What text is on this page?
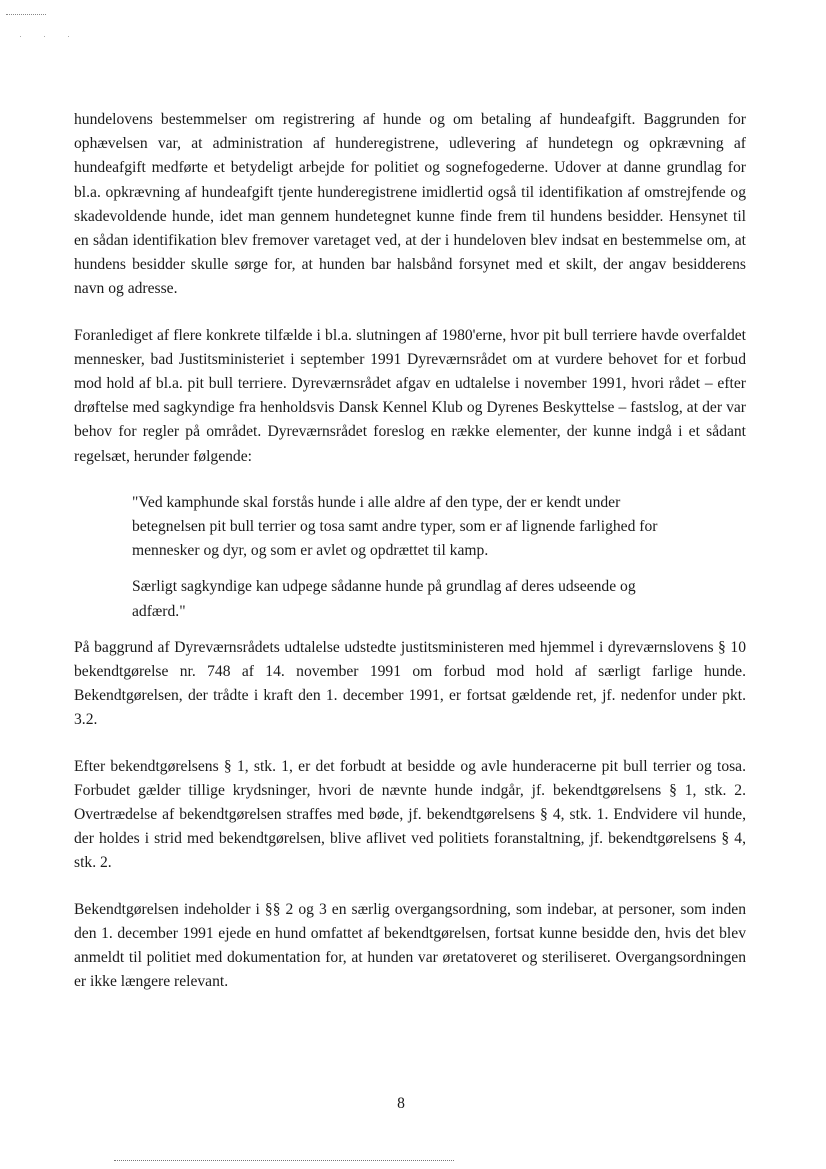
hundelovens bestemmelser om registrering af hunde og om betaling af hundeafgift. Baggrunden for ophævelsen var, at administration af hunderegistrene, udlevering af hundetegn og opkrævning af hundeafgift medførte et betydeligt arbejde for politiet og sognefogederne. Udover at danne grundlag for bl.a. opkrævning af hundeafgift tjente hunderegistrene imidlertid også til identifikation af omstrejfende og skadevoldende hunde, idet man gennem hundetegnet kunne finde frem til hundens besidder. Hensynet til en sådan identifikation blev fremover varetaget ved, at der i hundeloven blev indsat en bestemmelse om, at hundens besidder skulle sørge for, at hunden bar halsbånd forsynet med et skilt, der angav besidderens navn og adresse.

Foranlediget af flere konkrete tilfælde i bl.a. slutningen af 1980'erne, hvor pit bull terriere havde overfaldet mennesker, bad Justitsministeriet i september 1991 Dyreværnsrådet om at vurdere behovet for et forbud mod hold af bl.a. pit bull terriere. Dyreværnsrådet afgav en udtalelse i november 1991, hvori rådet – efter drøftelse med sagkyndige fra henholdsvis Dansk Kennel Klub og Dyrenes Beskyttelse – fastslog, at der var behov for regler på området. Dyreværnsrådet foreslog en række elementer, der kunne indgå i et sådant regelsæt, herunder følgende:

"Ved kamphunde skal forstås hunde i alle aldre af den type, der er kendt under betegnelsen pit bull terrier og tosa samt andre typer, som er af lignende farlighed for mennesker og dyr, og som er avlet og opdrættet til kamp.

Særligt sagkyndige kan udpege sådanne hunde på grundlag af deres udseende og adfærd."

På baggrund af Dyreværnsrådets udtalelse udstedte justitsministeren med hjemmel i dyreværnslovens § 10 bekendtgørelse nr. 748 af 14. november 1991 om forbud mod hold af særligt farlige hunde. Bekendtgørelsen, der trådte i kraft den 1. december 1991, er fortsat gældende ret, jf. nedenfor under pkt. 3.2.

Efter bekendtgørelsens § 1, stk. 1, er det forbudt at besidde og avle hunderacerne pit bull terrier og tosa. Forbudet gælder tillige krydsninger, hvori de nævnte hunde indgår, jf. bekendtgørelsens § 1, stk. 2. Overtrædelse af bekendtgørelsen straffes med bøde, jf. bekendtgørelsens § 4, stk. 1. Endvidere vil hunde, der holdes i strid med bekendtgørelsen, blive aflivet ved politiets foranstaltning, jf. bekendtgørelsens § 4, stk. 2.

Bekendtgørelsen indeholder i §§ 2 og 3 en særlig overgangsordning, som indebar, at personer, som inden den 1. december 1991 ejede en hund omfattet af bekendtgørelsen, fortsat kunne besidde den, hvis det blev anmeldt til politiet med dokumentation for, at hunden var øretatoveret og steriliseret. Overgangsordningen er ikke længere relevant.

8
